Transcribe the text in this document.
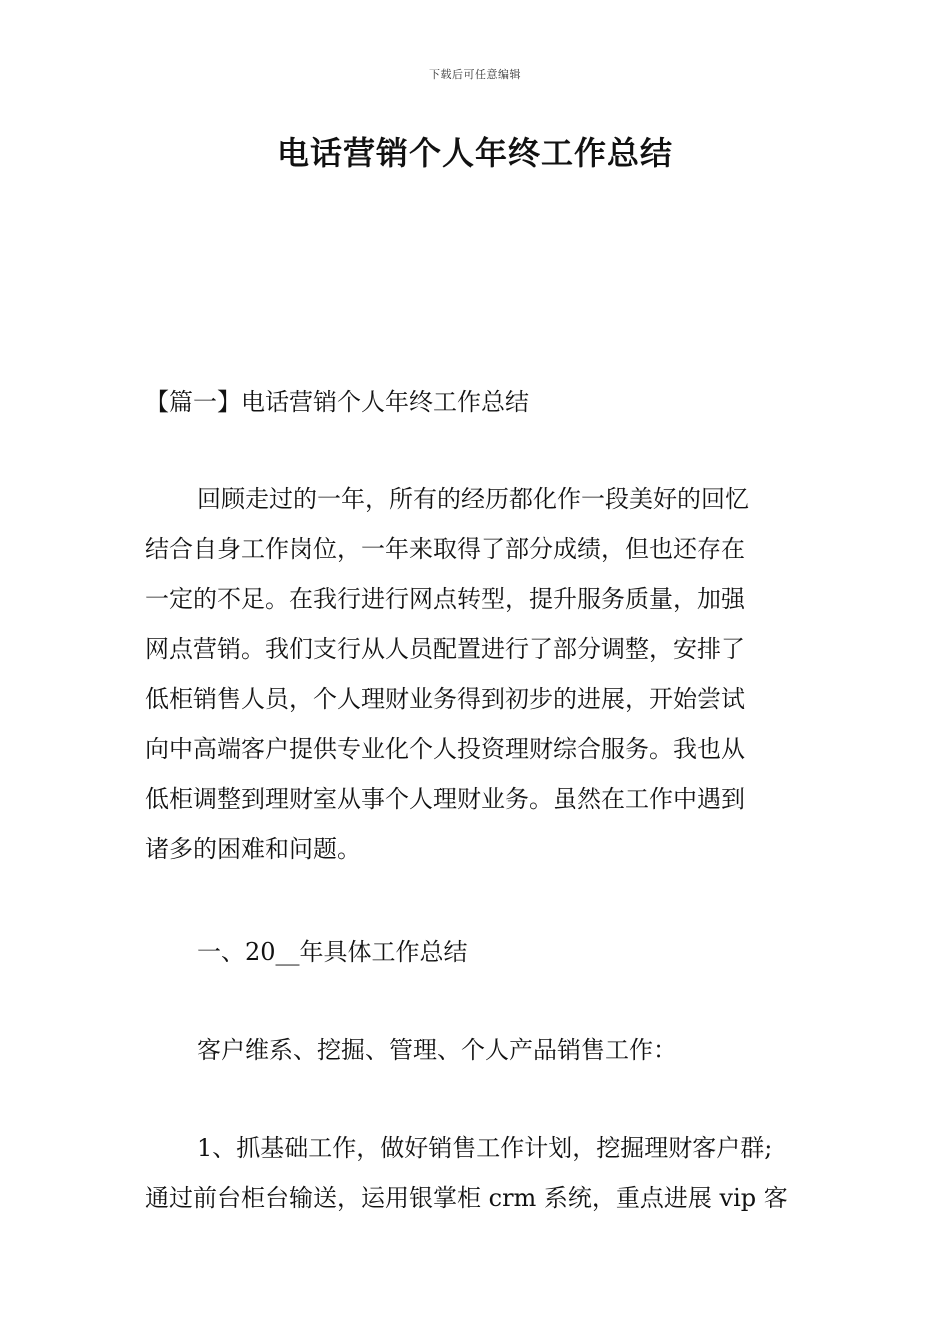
下载后可任意编辑
电话营销个人年终工作总结

【篇一】电话营销个人年终工作总结

回顾走过的一年，所有的经历都化作一段美好的回忆
结合自身工作岗位，一年来取得了部分成绩，但也还存在
一定的不足。在我行进行网点转型，提升服务质量，加强
网点营销。我们支行从人员配置进行了部分调整，安排了
低柜销售人员，个人理财业务得到初步的进展，开始尝试
向中高端客户提供专业化个人投资理财综合服务。我也从
低柜调整到理财室从事个人理财业务。虽然在工作中遇到
诸多的困难和问题。

一、20__年具体工作总结

客户维系、挖掘、管理、个人产品销售工作：

1、抓基础工作，做好销售工作计划，挖掘理财客户群;
通过前台柜台输送，运用银掌柜 crm 系统，重点进展 vip 客
